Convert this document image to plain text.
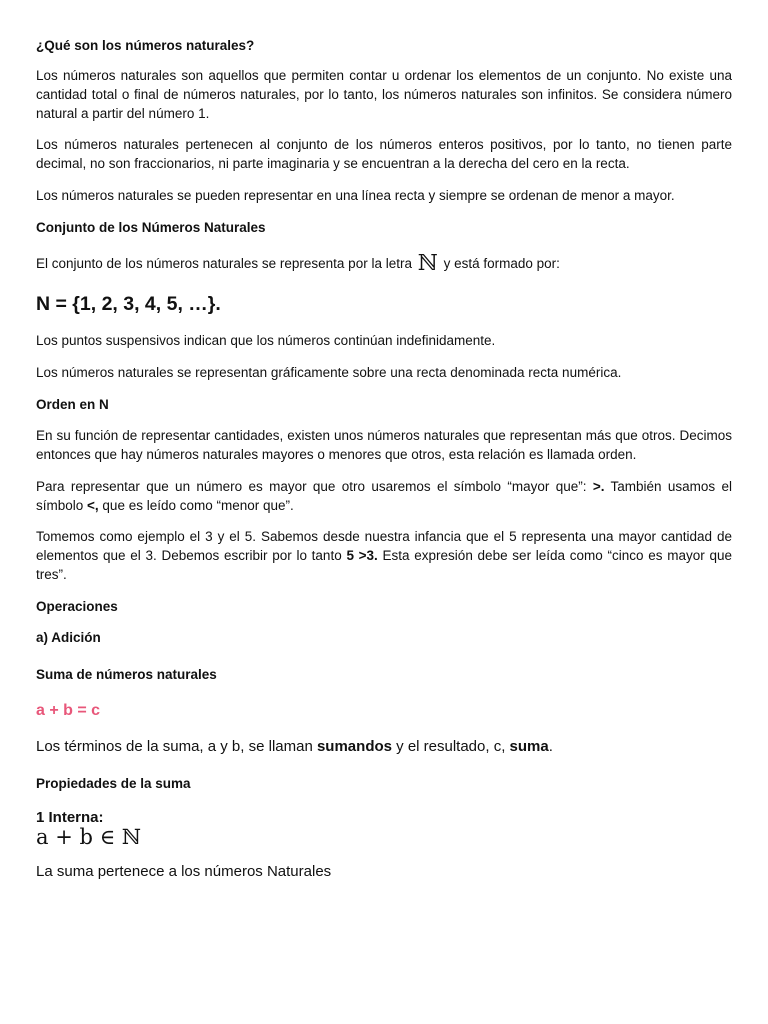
¿Qué son los números naturales?

Los números naturales son aquellos que permiten contar u ordenar los elementos de un conjunto. No existe una cantidad total o final de números naturales, por lo tanto, los números naturales son infinitos. Se considera número natural a partir del número 1.

Los números naturales pertenecen al conjunto de los números enteros positivos, por lo tanto, no tienen parte decimal, no son fraccionarios, ni parte imaginaria y se encuentran a la derecha del cero en la recta.

Los números naturales se pueden representar en una línea recta y siempre se ordenan de menor a mayor.

Conjunto de los Números Naturales

El conjunto de los números naturales se representa por la letra ℕ y está formado por:

N = {1, 2, 3, 4, 5, …}.

Los puntos suspensivos indican que los números continúan indefinidamente.

Los números naturales se representan gráficamente sobre una recta denominada recta numérica.

Orden en N

En su función de representar cantidades, existen unos números naturales que representan más que otros. Decimos entonces que hay números naturales mayores o menores que otros, esta relación es llamada orden.

Para representar que un número es mayor que otro usaremos el símbolo “mayor que”: >. También usamos el símbolo <, que es leído como “menor que”.

Tomemos como ejemplo el 3 y el 5. Sabemos desde nuestra infancia que el 5 representa una mayor cantidad de elementos que el 3. Debemos escribir por lo tanto 5 >3. Esta expresión debe ser leída como “cinco es mayor que tres”.

Operaciones

a) Adición

Suma de números naturales

a + b = c

Los términos de la suma, a y b, se llaman sumandos y el resultado, c, suma.

Propiedades de la suma

1 Interna:

a + b ∈ ℕ

La suma pertenece a los números Naturales
